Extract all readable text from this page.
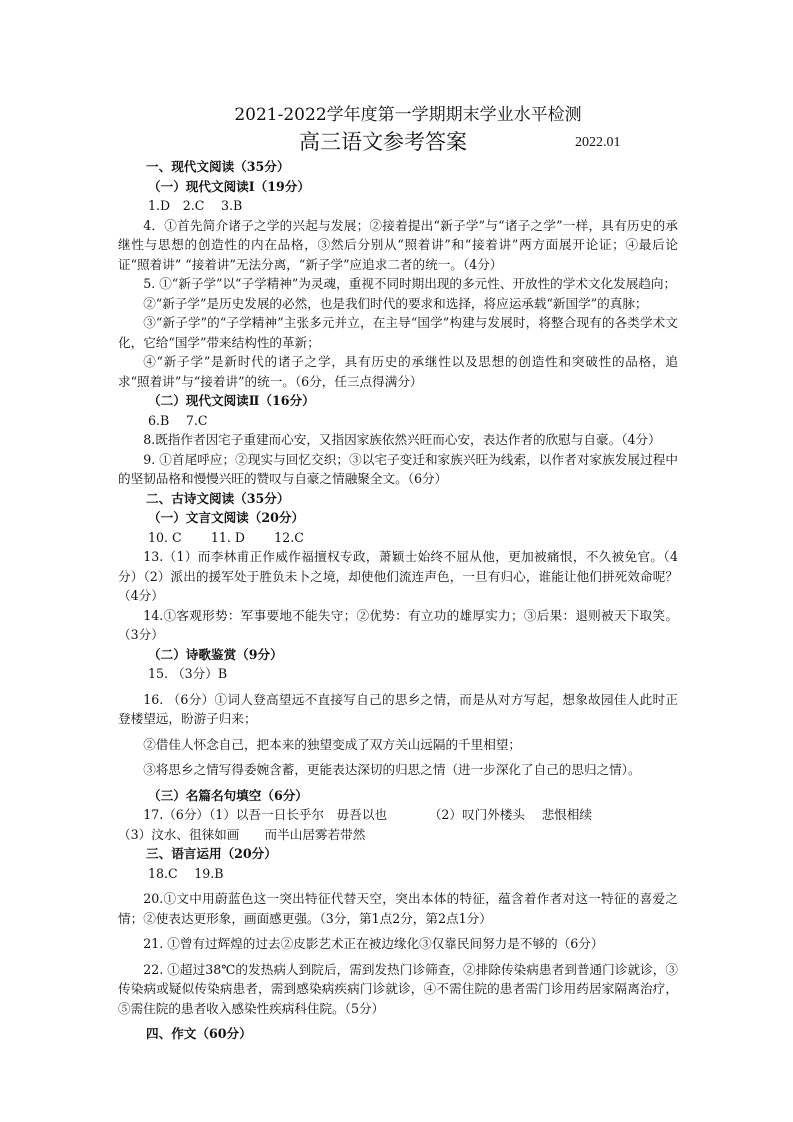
2021-2022学年度第一学期期末学业水平检测
高三语文参考答案	2022.01
一、现代文阅读（35分）
（一）现代文阅读Ⅰ（19分）
1.D　2.C　 3.B
4．①首先简介诸子之学的兴起与发展；②接着提出“新子学”与“诸子之学”一样，具有历史的承继性与思想的创造性的内在品格，③然后分别从“照着讲”和“接着讲”两方面展开论证；④最后论证“照着讲” “接着讲”无法分离，“新子学”应追求二者的统一。（4分）
5. ①“新子学”以“子学精神”为灵魂，重视不同时期出现的多元性、开放性的学术文化发展趋向；
②“新子学”是历史发展的必然，也是我们时代的要求和选择，将应运承载“新国学”的真脉；
③“新子学”的“子学精神”主张多元并立，在主导“国学”构建与发展时，将整合现有的各类学术文化，它给“国学”带来结构性的革新；
④“新子学”是新时代的诸子之学，具有历史的承继性以及思想的创造性和突破性的品格，追求“照着讲”与“接着讲”的统一。（6分，任三点得满分）
（二）现代文阅读Ⅱ（16分）
6.B　 7.C
8.既指作者因宅子重建而心安，又指因家族依然兴旺而心安，表达作者的欣慰与自豪。（4分）
9. ①首尾呼应；②现实与回忆交织；③以宅子变迁和家族兴旺为线索，以作者对家族发展过程中的坚韧品格和慢慢兴旺的赞叹与自豪之情融聚全文。（6分）
二、古诗文阅读（35分）
（一）文言文阅读（20分）
10. C　　 11. D　　 12.C
13.（1）而李林甫正作威作福擅权专政，萧颖士始终不屈从他，更加被痛恨，不久被免官。（4分）（2）派出的援军处于胜负未卜之境，却使他们流连声色，一旦有归心，谁能让他们拼死效命呢？（4分）
14.①客观形势：军事要地不能失守；②优势：有立功的雄厚实力；③后果：退则被天下取笑。（3分）
（二）诗歌鉴赏（9分）
15. （3分）B
16. （6分）①词人登高望远不直接写自己的思乡之情，而是从对方写起，想象故园佳人此时正登楼望远，盼游子归来；
②借佳人怀念自己，把本来的独望变成了双方关山远隔的千里相望；
③将思乡之情写得委婉含蓄，更能表达深切的归思之情（进一步深化了自己的思归之情）。
（三）名篇名句填空（6分）
17.（6分）（1）以吾一日长乎尔　毋吾以也　　　 （2）叹门外楼头　 悲恨相续
（3）汶水、徂徕如画　　而半山居雾若带然
三、语言运用（20分）
18.C　 19.B
20.①文中用蔚蓝色这一突出特征代替天空，突出本体的特征，蕴含着作者对这一特征的喜爱之情；②使表达更形象，画面感更强。（3分，第1点2分，第2点1分）
21. ①曾有过辉煌的过去②皮影艺术正在被边缘化③仅靠民间努力是不够的（6分）
22. ①超过38℃的发热病人到院后，需到发热门诊筛查，②排除传染病患者到普通门诊就诊，③传染病或疑似传染病患者，需到感染病疾病门诊就诊，④不需住院的患者需门诊用药居家隔离治疗，⑤需住院的患者收入感染性疾病科住院。（5分）
四、作文（60分）
